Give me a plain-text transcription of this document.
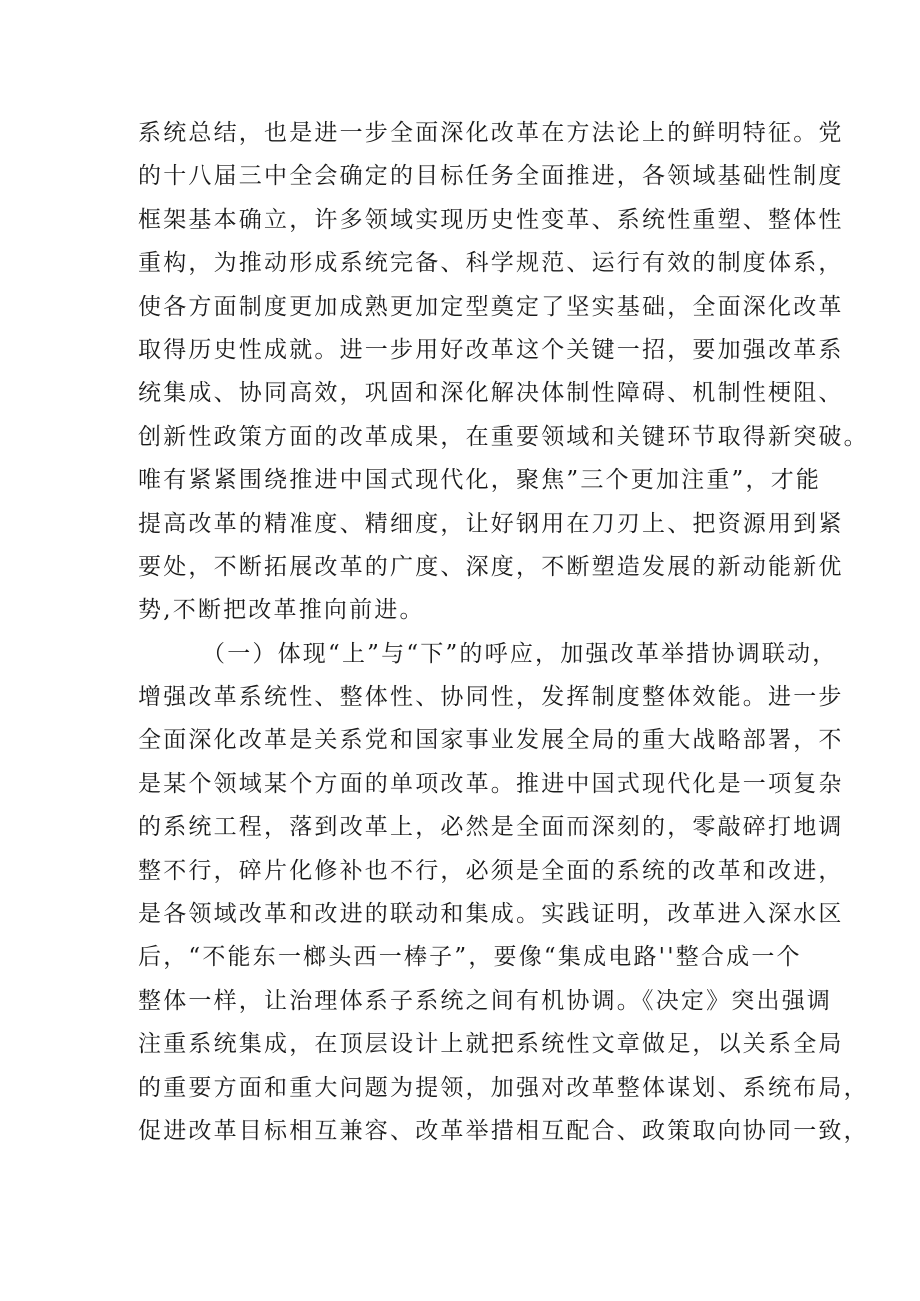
系统总结，也是进一步全面深化改革在方法论上的鲜明特征。党
的十八届三中全会确定的目标任务全面推进，各领域基础性制度
框架基本确立，许多领域实现历史性变革、系统性重塑、整体性
重构，为推动形成系统完备、科学规范、运行有效的制度体系，
使各方面制度更加成熟更加定型奠定了坚实基础，全面深化改革
取得历史性成就。进一步用好改革这个关键一招，要加强改革系
统集成、协同高效，巩固和深化解决体制性障碍、机制性梗阻、
创新性政策方面的改革成果，在重要领域和关键环节取得新突破。
唯有紧紧围绕推进中国式现代化，聚焦”三个更加注重”，才能
提高改革的精准度、精细度，让好钢用在刀刃上、把资源用到紧
要处，不断拓展改革的广度、深度，不断塑造发展的新动能新优
势,不断把改革推向前进。
（一）体现“上”与“下”的呼应，加强改革举措协调联动，
增强改革系统性、整体性、协同性，发挥制度整体效能。进一步
全面深化改革是关系党和国家事业发展全局的重大战略部署，不
是某个领域某个方面的单项改革。推进中国式现代化是一项复杂
的系统工程，落到改革上，必然是全面而深刻的，零敲碎打地调
整不行，碎片化修补也不行，必须是全面的系统的改革和改进，
是各领域改革和改进的联动和集成。实践证明，改革进入深水区
后，“不能东一榔头西一棒子”，要像“集成电路''整合成一个
整体一样，让治理体系子系统之间有机协调。《决定》突出强调
注重系统集成，在顶层设计上就把系统性文章做足，以关系全局
的重要方面和重大问题为提领，加强对改革整体谋划、系统布局，
促进改革目标相互兼容、改革举措相互配合、政策取向协同一致，
